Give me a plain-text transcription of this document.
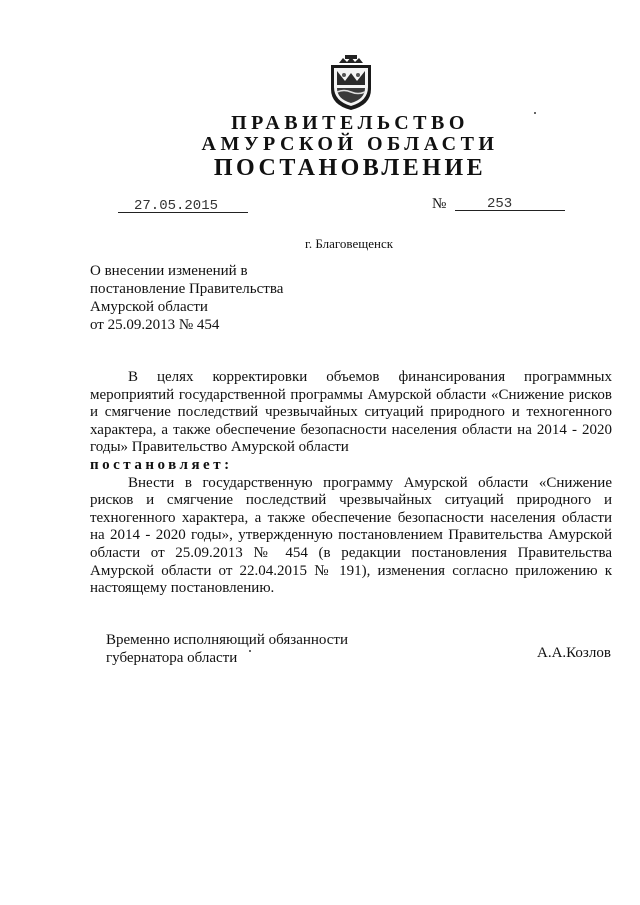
ПРАВИТЕЛЬСТВО
АМУРСКОЙ ОБЛАСТИ
ПОСТАНОВЛЕНИЕ
27.05.2015	№	253
г. Благовещенск
О внесении изменений в
постановление Правительства
Амурской области
от 25.09.2013 № 454

В целях корректировки объемов финансирования программных мероприятий государственной программы Амурской области «Снижение рисков и смягчение последствий чрезвычайных ситуаций природного и техногенного характера, а также обеспечение безопасности населения области на 2014 - 2020 годы» Правительство Амурской области

постановляет:

Внести в государственную программу Амурской области «Снижение рисков и смягчение последствий чрезвычайных ситуаций природного и техногенного характера, а также обеспечение безопасности населения области на 2014 - 2020 годы», утвержденную постановлением Правительства Амурской области от 25.09.2013 № 454 (в редакции постановления Правительства Амурской области от 22.04.2015 № 191), изменения согласно приложению к настоящему постановлению.

Временно исполняющий обязанности
губернатора области	А.А.Козлов
